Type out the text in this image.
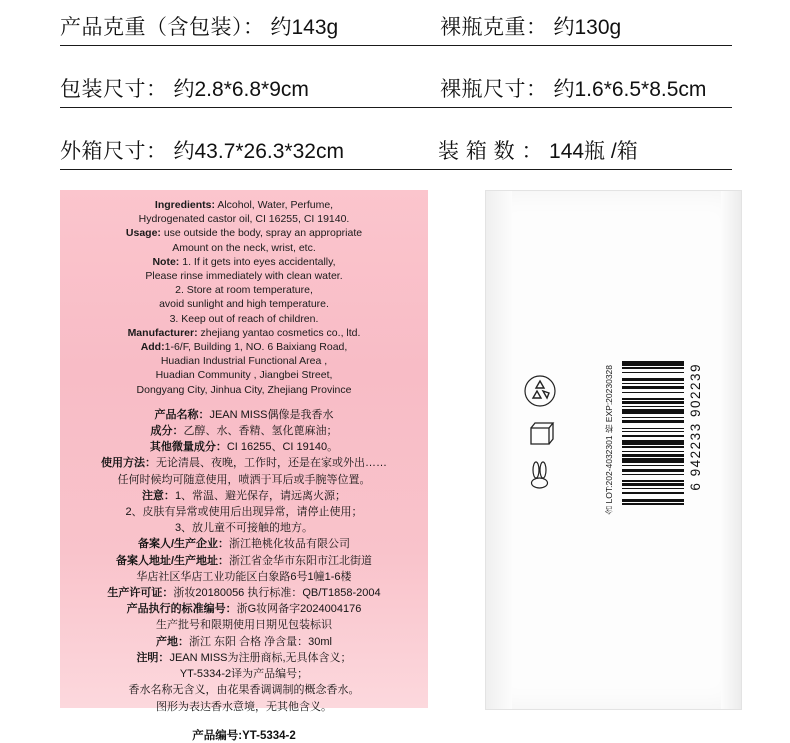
产品克重（含包装）： 约143g	裸瓶克重： 约130g
包装尺寸： 约2.8*6.8*9cm	裸瓶尺寸： 约1.6*6.5*8.5cm
外箱尺寸： 约43.7*26.3*32cm	装 箱 数 ： 144瓶 /箱
Ingredients: Alcohol, Water, Perfume,
Hydrogenated castor oil, CI 16255, CI 19140.
Usage: use outside the body, spray an appropriate
Amount on the neck, wrist, etc.
Note: 1. If it gets into eyes accidentally,
Please rinse immediately with clean water.
2. Store at room temperature,
avoid sunlight and high temperature.
3. Keep out of reach of children.
Manufacturer: zhejiang yantao cosmetics co., ltd.
Add:1-6/F, Building 1, NO. 6 Baixiang Road,
Huadian Industrial Functional Area ,
Huadian Community , Jiangbei Street,
Dongyang City, Jinhua City, Zhejiang Province
产品名称：JEAN MISS偶像是我香水
成分：乙醇、水、香精、氢化蓖麻油；
其他微量成分：CI 16255、CI 19140。
使用方法：无论清晨、夜晚，工作时，还是在家或外出……
任何时候均可随意使用，喷洒于耳后或手腕等位置。
注意：1、常温、避光保存，请远离火源；
2、皮肤有异常或使用后出现异常，请停止使用；
3、放儿童不可接触的地方。
备案人/生产企业：浙江艳桃化妆品有限公司
备案人地址/生产地址：浙江省金华市东阳市江北街道
华店社区华店工业功能区白象路6号1幢1-6楼
生产许可证：浙妆20180056 执行标准：QB/T1858-2004
产品执行的标准编号：浙G妆网备字2024004176
生产批号和限期使用日期见包装标识
产地：浙江 东阳 合格 净含量：30ml
注明：JEAN MISS为注册商标,无具体含义；
YT-5334-2译为产品编号；
香水名称无含义，由花果香调调制的概念香水。
图形为表达香水意境，无其他含义。
产品编号:YT-5334-2
含 LOT:202-4032301 格 EXP:20230328	6 942233 902239
